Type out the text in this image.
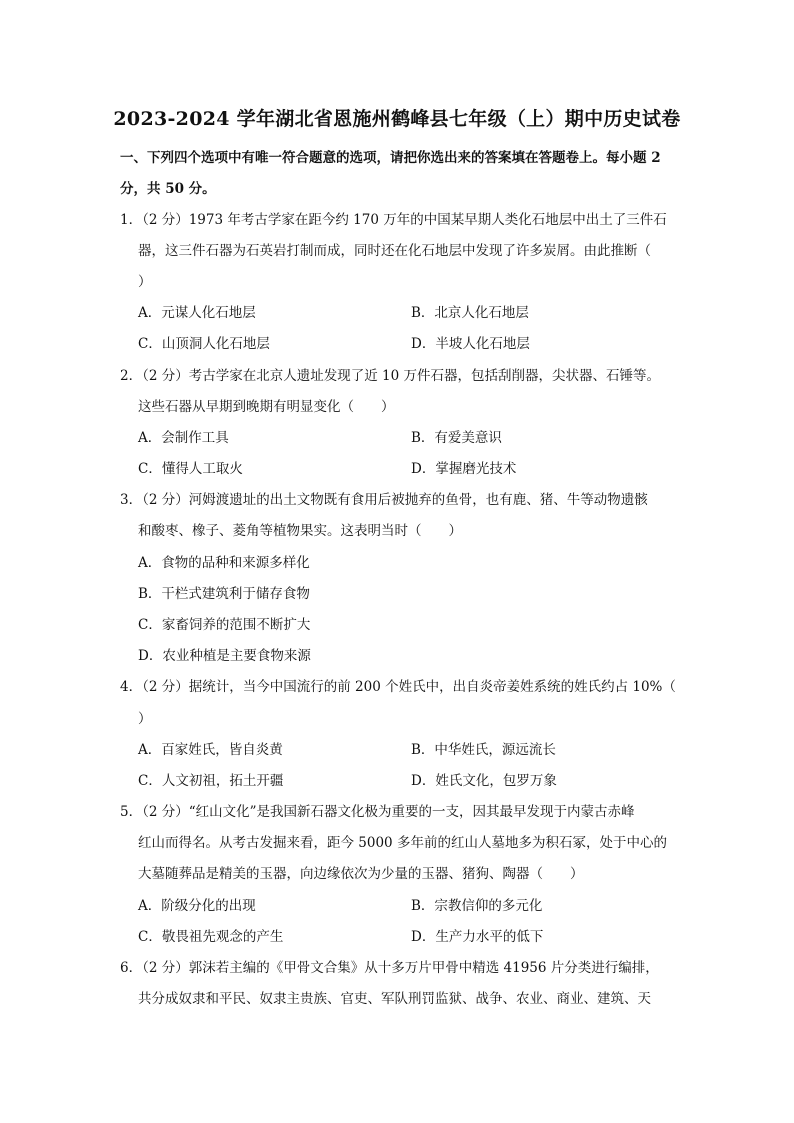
2023-2024 学年湖北省恩施州鹤峰县七年级（上）期中历史试卷
一、下列四个选项中有唯一符合题意的选项，请把你选出来的答案填在答题卷上。每小题 2
分，共 50 分。
1．（2 分）1973 年考古学家在距今约 170 万年的中国某早期人类化石地层中出土了三件石
器，这三件石器为石英岩打制而成，同时还在化石地层中发现了许多炭屑。由此推断（
）
A．元谋人化石地层	B．北京人化石地层
C．山顶洞人化石地层	D．半坡人化石地层
2．（2 分）考古学家在北京人遗址发现了近 10 万件石器，包括刮削器，尖状器、石锤等。
这些石器从早期到晚期有明显变化（　　）
A．会制作工具	B．有爱美意识
C．懂得人工取火	D．掌握磨光技术
3．（2 分）河姆渡遗址的出土文物既有食用后被抛弃的鱼骨，也有鹿、猪、牛等动物遗骸
和酸枣、橡子、菱角等植物果实。这表明当时（　　）
A．食物的品种和来源多样化
B．干栏式建筑利于储存食物
C．家畜饲养的范围不断扩大
D．农业种植是主要食物来源
4．（2 分）据统计，当今中国流行的前 200 个姓氏中，出自炎帝姜姓系统的姓氏约占 10%（
）
A．百家姓氏，皆自炎黄	B．中华姓氏，源远流长
C．人文初祖，拓土开疆	D．姓氏文化，包罗万象
5．（2 分）“红山文化”是我国新石器文化极为重要的一支，因其最早发现于内蒙古赤峰
红山而得名。从考古发掘来看，距今 5000 多年前的红山人墓地多为积石冢，处于中心的
大墓随葬品是精美的玉器，向边缘依次为少量的玉器、猪狗、陶器（　　）
A．阶级分化的出现	B．宗教信仰的多元化
C．敬畏祖先观念的产生	D．生产力水平的低下
6．（2 分）郭沫若主编的《甲骨文合集》从十多万片甲骨中精选 41956 片分类进行编排，
共分成奴隶和平民、奴隶主贵族、官吏、军队刑罚监狱、战争、农业、商业、建筑、天
